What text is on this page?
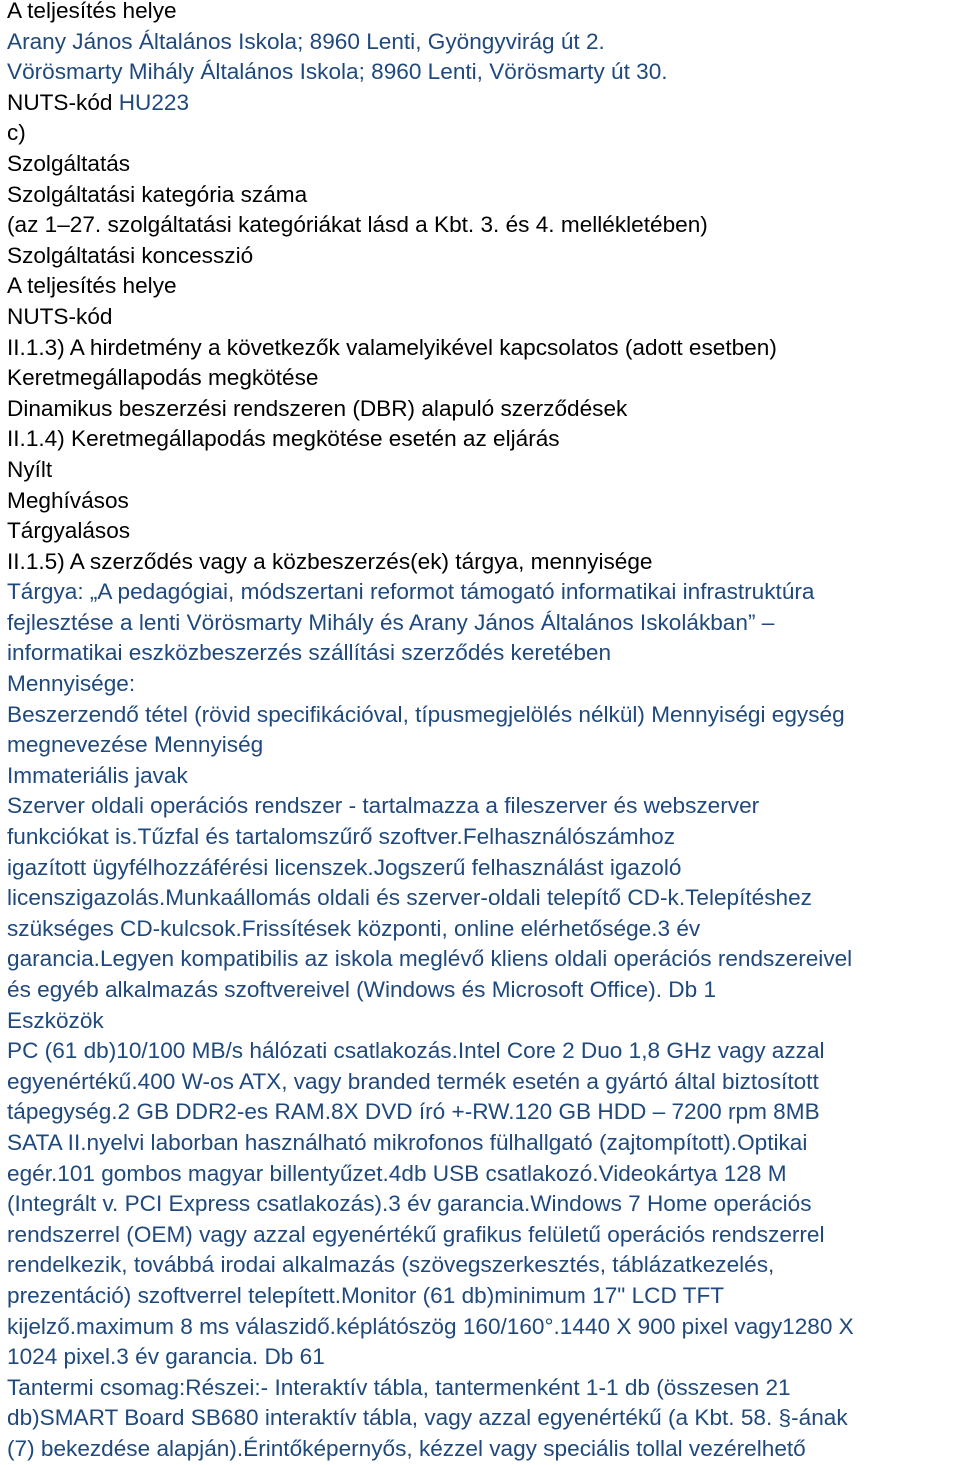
A teljesítés helye
Arany János Általános Iskola; 8960 Lenti, Gyöngyvirág út 2.
Vörösmarty Mihály Általános Iskola; 8960 Lenti, Vörösmarty út 30.
NUTS-kód HU223
c)
Szolgáltatás
Szolgáltatási kategória száma
(az 1–27. szolgáltatási kategóriákat lásd a Kbt. 3. és 4. mellékletében)
Szolgáltatási koncesszió
A teljesítés helye
NUTS-kód
II.1.3) A hirdetmény a következők valamelyikével kapcsolatos (adott esetben)
Keretmegállapodás megkötése
Dinamikus beszerzési rendszeren (DBR) alapuló szerződések
II.1.4) Keretmegállapodás megkötése esetén az eljárás
Nyílt
Meghívásos
Tárgyalásos
II.1.5) A szerződés vagy a közbeszerzés(ek) tárgya, mennyisége
Tárgya: „A pedagógiai, módszertani reformot támogató informatikai infrastruktúra
fejlesztése a lenti Vörösmarty Mihály és Arany János Általános Iskolákban” –
informatikai eszközbeszerzés szállítási szerződés keretében
Mennyisége:
Beszerzendő tétel (rövid specifikációval, típusmegjelölés nélkül) Mennyiségi egység
megnevezése Mennyiség
Immateriális javak
Szerver oldali operációs rendszer - tartalmazza a fileszerver és webszerver
funkciókat is.Tűzfal és tartalomszűrő szoftver.Felhasználószámhoz
igazított ügyfélhozzáférési licenszek.Jogszerű felhasználást igazoló
licenszigazolás.Munkaállomás oldali és szerver-oldali telepítő CD-k.Telepítéshez
szükséges CD-kulcsok.Frissítések központi, online elérhetősége.3 év
garancia.Legyen kompatibilis az iskola meglévő kliens oldali operációs rendszereivel
és egyéb alkalmazás szoftvereivel (Windows és Microsoft Office). Db 1
Eszközök
PC (61 db)10/100 MB/s hálózati csatlakozás.Intel Core 2 Duo 1,8 GHz vagy azzal
egyenértékű.400 W-os ATX, vagy branded termék esetén a gyártó által biztosított
tápegység.2 GB DDR2-es RAM.8X DVD író +-RW.120 GB HDD – 7200 rpm 8MB
SATA II.nyelvi laborban használható mikrofonos fülhallgató (zajtompított).Optikai
egér.101 gombos magyar billentyűzet.4db USB csatlakozó.Videokártya 128 M
(Integrált v. PCI Express csatlakozás).3 év garancia.Windows 7 Home operációs
rendszerrel (OEM) vagy azzal egyenértékű grafikus felületű operációs rendszerrel
rendelkezik, továbbá irodai alkalmazás (szövegszerkesztés, táblázatkezelés,
prezentáció) szoftverrel telepített.Monitor (61 db)minimum 17" LCD TFT
kijelző.maximum 8 ms válaszidő.képlátószög 160/160°.1440 X 900 pixel vagy1280 X
1024 pixel.3 év garancia. Db 61
Tantermi csomag:Részei:- Interaktív tábla, tantermenként 1-1 db (összesen 21
db)SMART Board SB680 interaktív tábla, vagy azzal egyenértékű (a Kbt. 58. §-ának
(7) bekezdése alapján).Érintőképernyős, kézzel vagy speciális tollal vezérelhető
